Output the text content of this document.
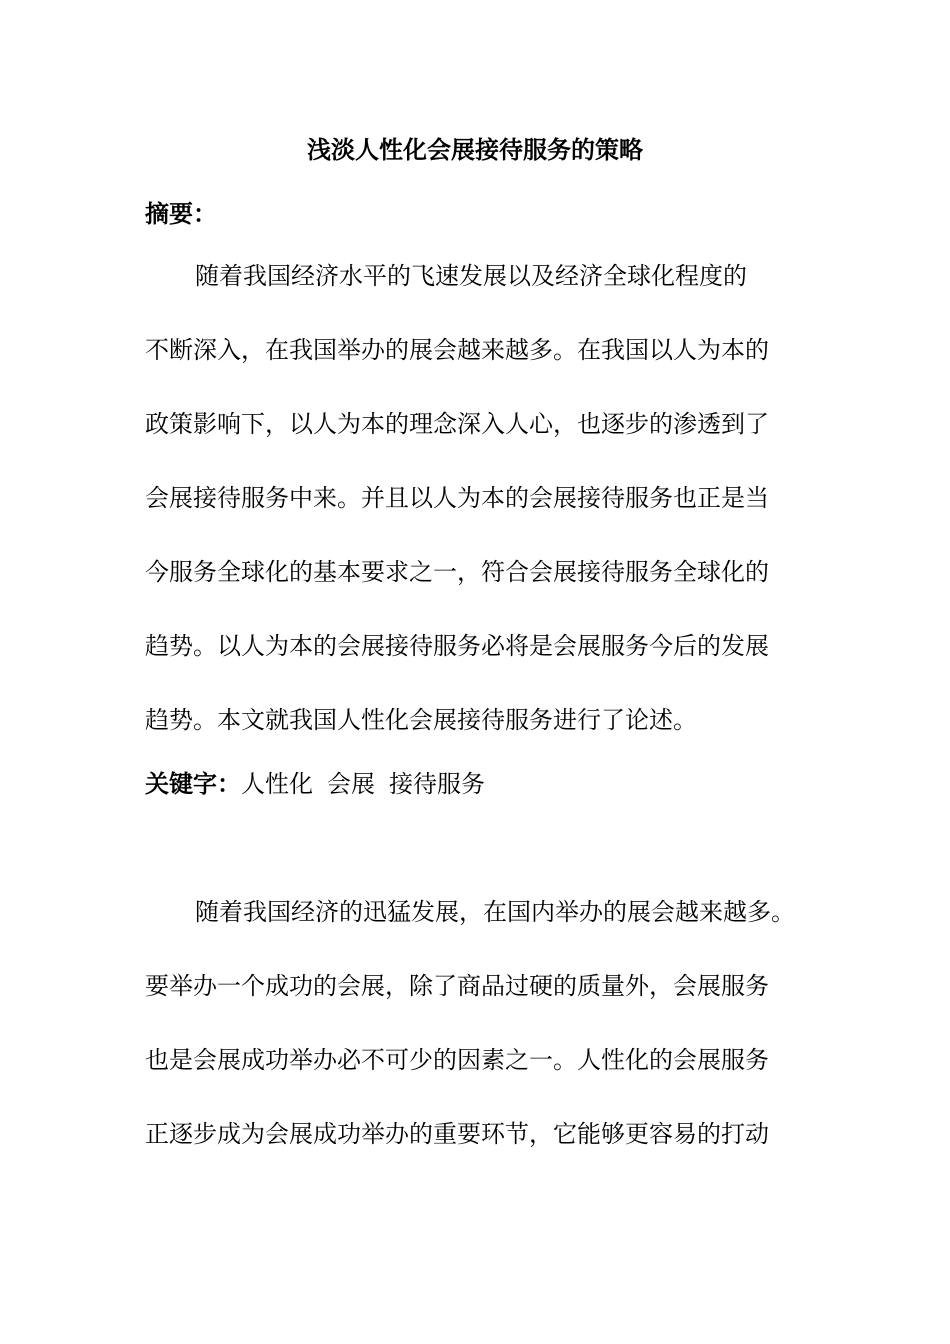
浅淡人性化会展接待服务的策略
摘要：
随着我国经济水平的飞速发展以及经济全球化程度的
不断深入，在我国举办的展会越来越多。在我国以人为本的
政策影响下，以人为本的理念深入人心，也逐步的渗透到了
会展接待服务中来。并且以人为本的会展接待服务也正是当
今服务全球化的基本要求之一，符合会展接待服务全球化的
趋势。以人为本的会展接待服务必将是会展服务今后的发展
趋势。本文就我国人性化会展接待服务进行了论述。
关键字：人性化 会展 接待服务
随着我国经济的迅猛发展，在国内举办的展会越来越多。
要举办一个成功的会展，除了商品过硬的质量外，会展服务
也是会展成功举办必不可少的因素之一。人性化的会展服务
正逐步成为会展成功举办的重要环节，它能够更容易的打动
